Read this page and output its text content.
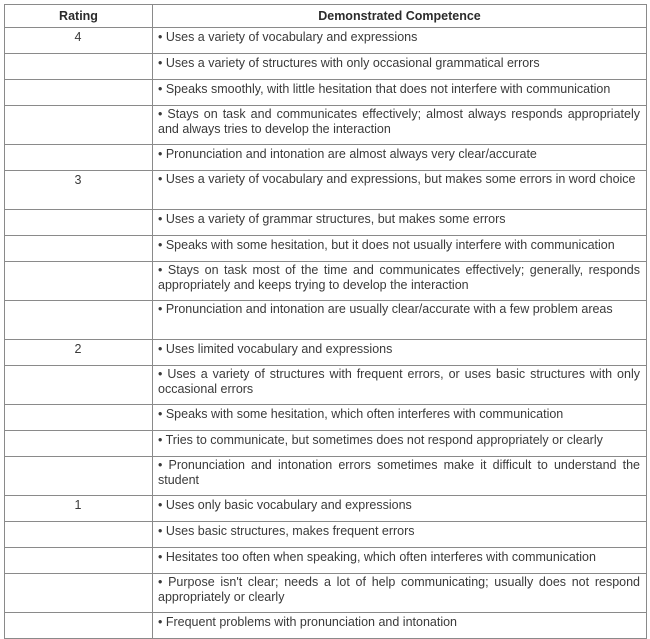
Rating	Demonstrated Competence
4	• Uses a variety of vocabulary and expressions
	• Uses a variety of structures with only occasional grammatical errors
	• Speaks smoothly, with little hesitation that does not interfere with communication
	• Stays on task and communicates effectively; almost always responds appropriately and always tries to develop the interaction
	• Pronunciation and intonation are almost always very clear/accurate
3	• Uses a variety of vocabulary and expressions, but makes some errors in word choice
	• Uses a variety of grammar structures, but makes some errors
	• Speaks with some hesitation, but it does not usually interfere with communication
	• Stays on task most of the time and communicates effectively; generally, responds appropriately and keeps trying to develop the interaction
	• Pronunciation and intonation are usually clear/accurate with a few problem areas
2	• Uses limited vocabulary and expressions
	• Uses a variety of structures with frequent errors, or uses basic structures with only occasional errors
	• Speaks with some hesitation, which often interferes with communication
	• Tries to communicate, but sometimes does not respond appropriately or clearly
	• Pronunciation and intonation errors sometimes make it difficult to understand the student
1	• Uses only basic vocabulary and expressions
	• Uses basic structures, makes frequent errors
	• Hesitates too often when speaking, which often interferes with communication
	• Purpose isn't clear; needs a lot of help communicating; usually does not respond appropriately or clearly
	• Frequent problems with pronunciation and intonation
